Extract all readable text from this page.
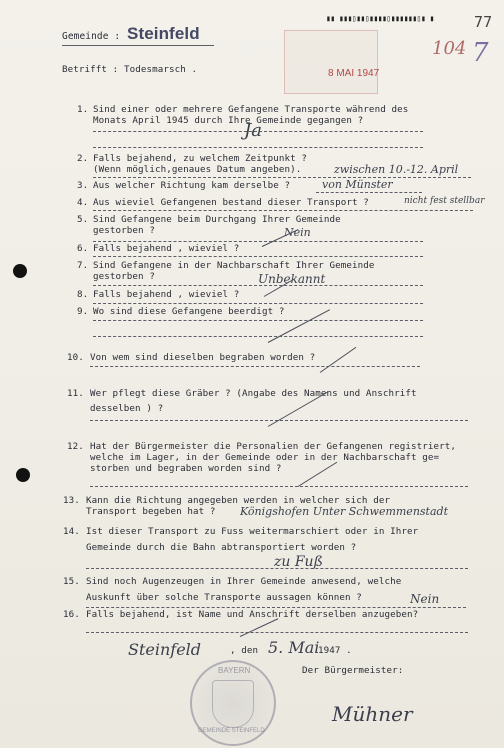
Gemeinde : Steinfeld
▮▮ ▮▮▮▯▮▮▯▮▮▮▮▯▮▮▮▮▮▮▯▮ ▮	77
104 7
8 MAI 1947
Betrifft : Todesmarsch .
1. Sind einer oder mehrere Gefangene Transporte während des
Monats April 1945 durch Ihre Gemeinde gegangen ?
Ja
2. Falls bejahend, zu welchem Zeitpunkt ?
(Wenn möglich,genaues Datum angeben).	zwischen 10.-12. April
3. Aus welcher Richtung kam derselbe ?	von Münster
4. Aus wieviel Gefangenen bestand dieser Transport ?	nicht fest stellbar
5. Sind Gefangene beim Durchgang Ihrer Gemeinde
gestorben ?	Nein
6. Falls bejahend , wieviel ?
7. Sind Gefangene in der Nachbarschaft Ihrer Gemeinde
gestorben ?	Unbekannt
8. Falls bejahend , wieviel ?
9. Wo sind diese Gefangene beerdigt ?
10. Von wem sind dieselben begraben worden ?
11. Wer pflegt diese Gräber ? (Angabe des Namens und Anschrift
desselben ) ?
12. Hat der Bürgermeister die Personalien der Gefangenen registriert,
welche im Lager, in der Gemeinde oder in der Nachbarschaft ge=
storben und begraben worden sind ?
13. Kann die Richtung angegeben werden in welcher sich der
Transport begeben hat ? Königshofen Unter Schwemmenstadt
14. Ist dieser Transport zu Fuss weitermarschiert oder in Ihrer
Gemeinde durch die Bahn abtransportiert worden ?
zu Fuß
15. Sind noch Augenzeugen in Ihrer Gemeinde anwesend, welche
Auskunft über solche Transporte aussagen können ?	Nein
16. Falls bejahend, ist Name und Anschrift derselben anzugeben?
Steinfeld	, den 5. Mai
1947 .
Der Bürgermeister:
BAYERN
GEMEINDE STEINFELD
Mühner
